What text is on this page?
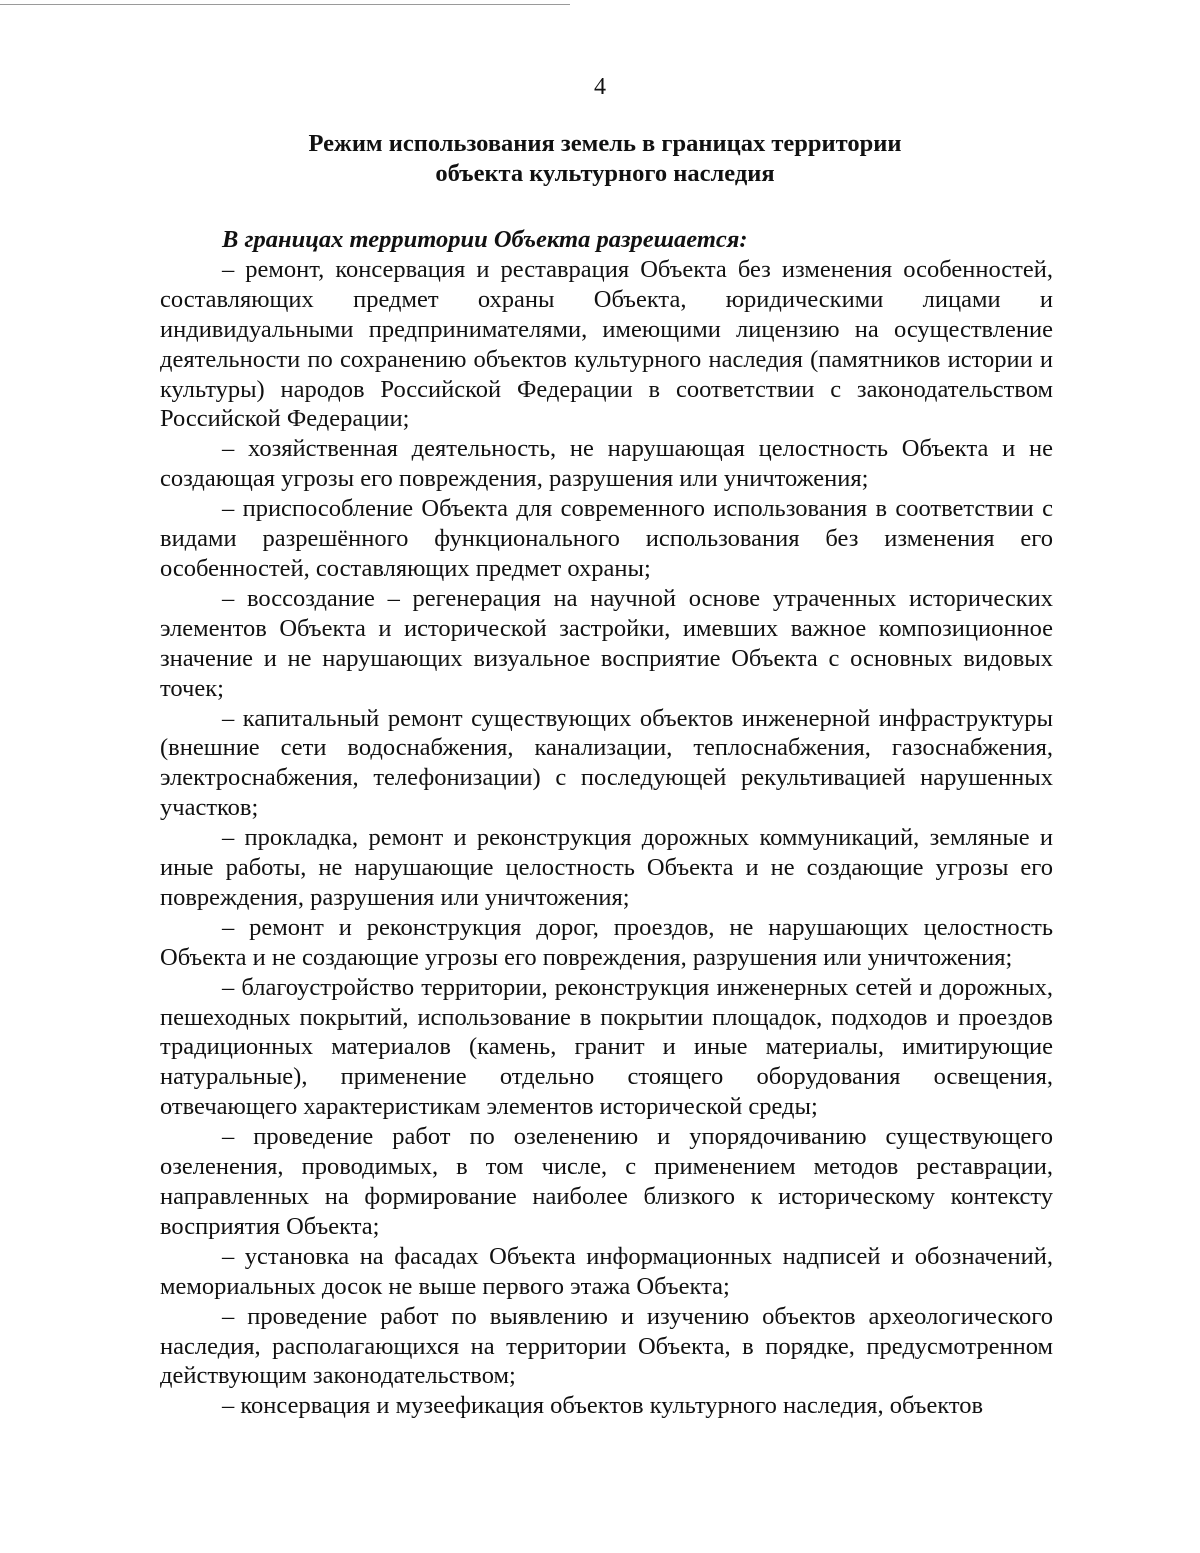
4
Режим использования земель в границах территории
объекта культурного наследия

В границах территории Объекта разрешается:

– ремонт, консервация и реставрация Объекта без изменения особенностей, составляющих предмет охраны Объекта, юридическими лицами и индивидуальными предпринимателями, имеющими лицензию на осуществление деятельности по сохранению объектов культурного наследия (памятников истории и культуры) народов Российской Федерации в соответствии с законодательством Российской Федерации;

– хозяйственная деятельность, не нарушающая целостность Объекта и не создающая угрозы его повреждения, разрушения или уничтожения;

– приспособление Объекта для современного использования в соответствии с видами разрешённого функционального использования без изменения его особенностей, составляющих предмет охраны;

– воссоздание – регенерация на научной основе утраченных исторических элементов Объекта и исторической застройки, имевших важное композиционное значение и не нарушающих визуальное восприятие Объекта с основных видовых точек;

– капитальный ремонт существующих объектов инженерной инфраструктуры (внешние сети водоснабжения, канализации, теплоснабжения, газоснабжения, электроснабжения, телефонизации) с последующей рекультивацией нарушенных участков;

– прокладка, ремонт и реконструкция дорожных коммуникаций, земляные и иные работы, не нарушающие целостность Объекта и не создающие угрозы его повреждения, разрушения или уничтожения;

– ремонт и реконструкция дорог, проездов, не нарушающих целостность Объекта и не создающие угрозы его повреждения, разрушения или уничтожения;

– благоустройство территории, реконструкция инженерных сетей и дорожных, пешеходных покрытий, использование в покрытии площадок, подходов и проездов традиционных материалов (камень, гранит и иные материалы, имитирующие натуральные), применение отдельно стоящего оборудования освещения, отвечающего характеристикам элементов исторической среды;

– проведение работ по озеленению и упорядочиванию существующего озеленения, проводимых, в том числе, с применением методов реставрации, направленных на формирование наиболее близкого к историческому контексту восприятия Объекта;

– установка на фасадах Объекта информационных надписей и обозначений, мемориальных досок не выше первого этажа Объекта;

– проведение работ по выявлению и изучению объектов археологического наследия, располагающихся на территории Объекта, в порядке, предусмотренном действующим законодательством;

– консервация и музеефикация объектов культурного наследия, объектов
